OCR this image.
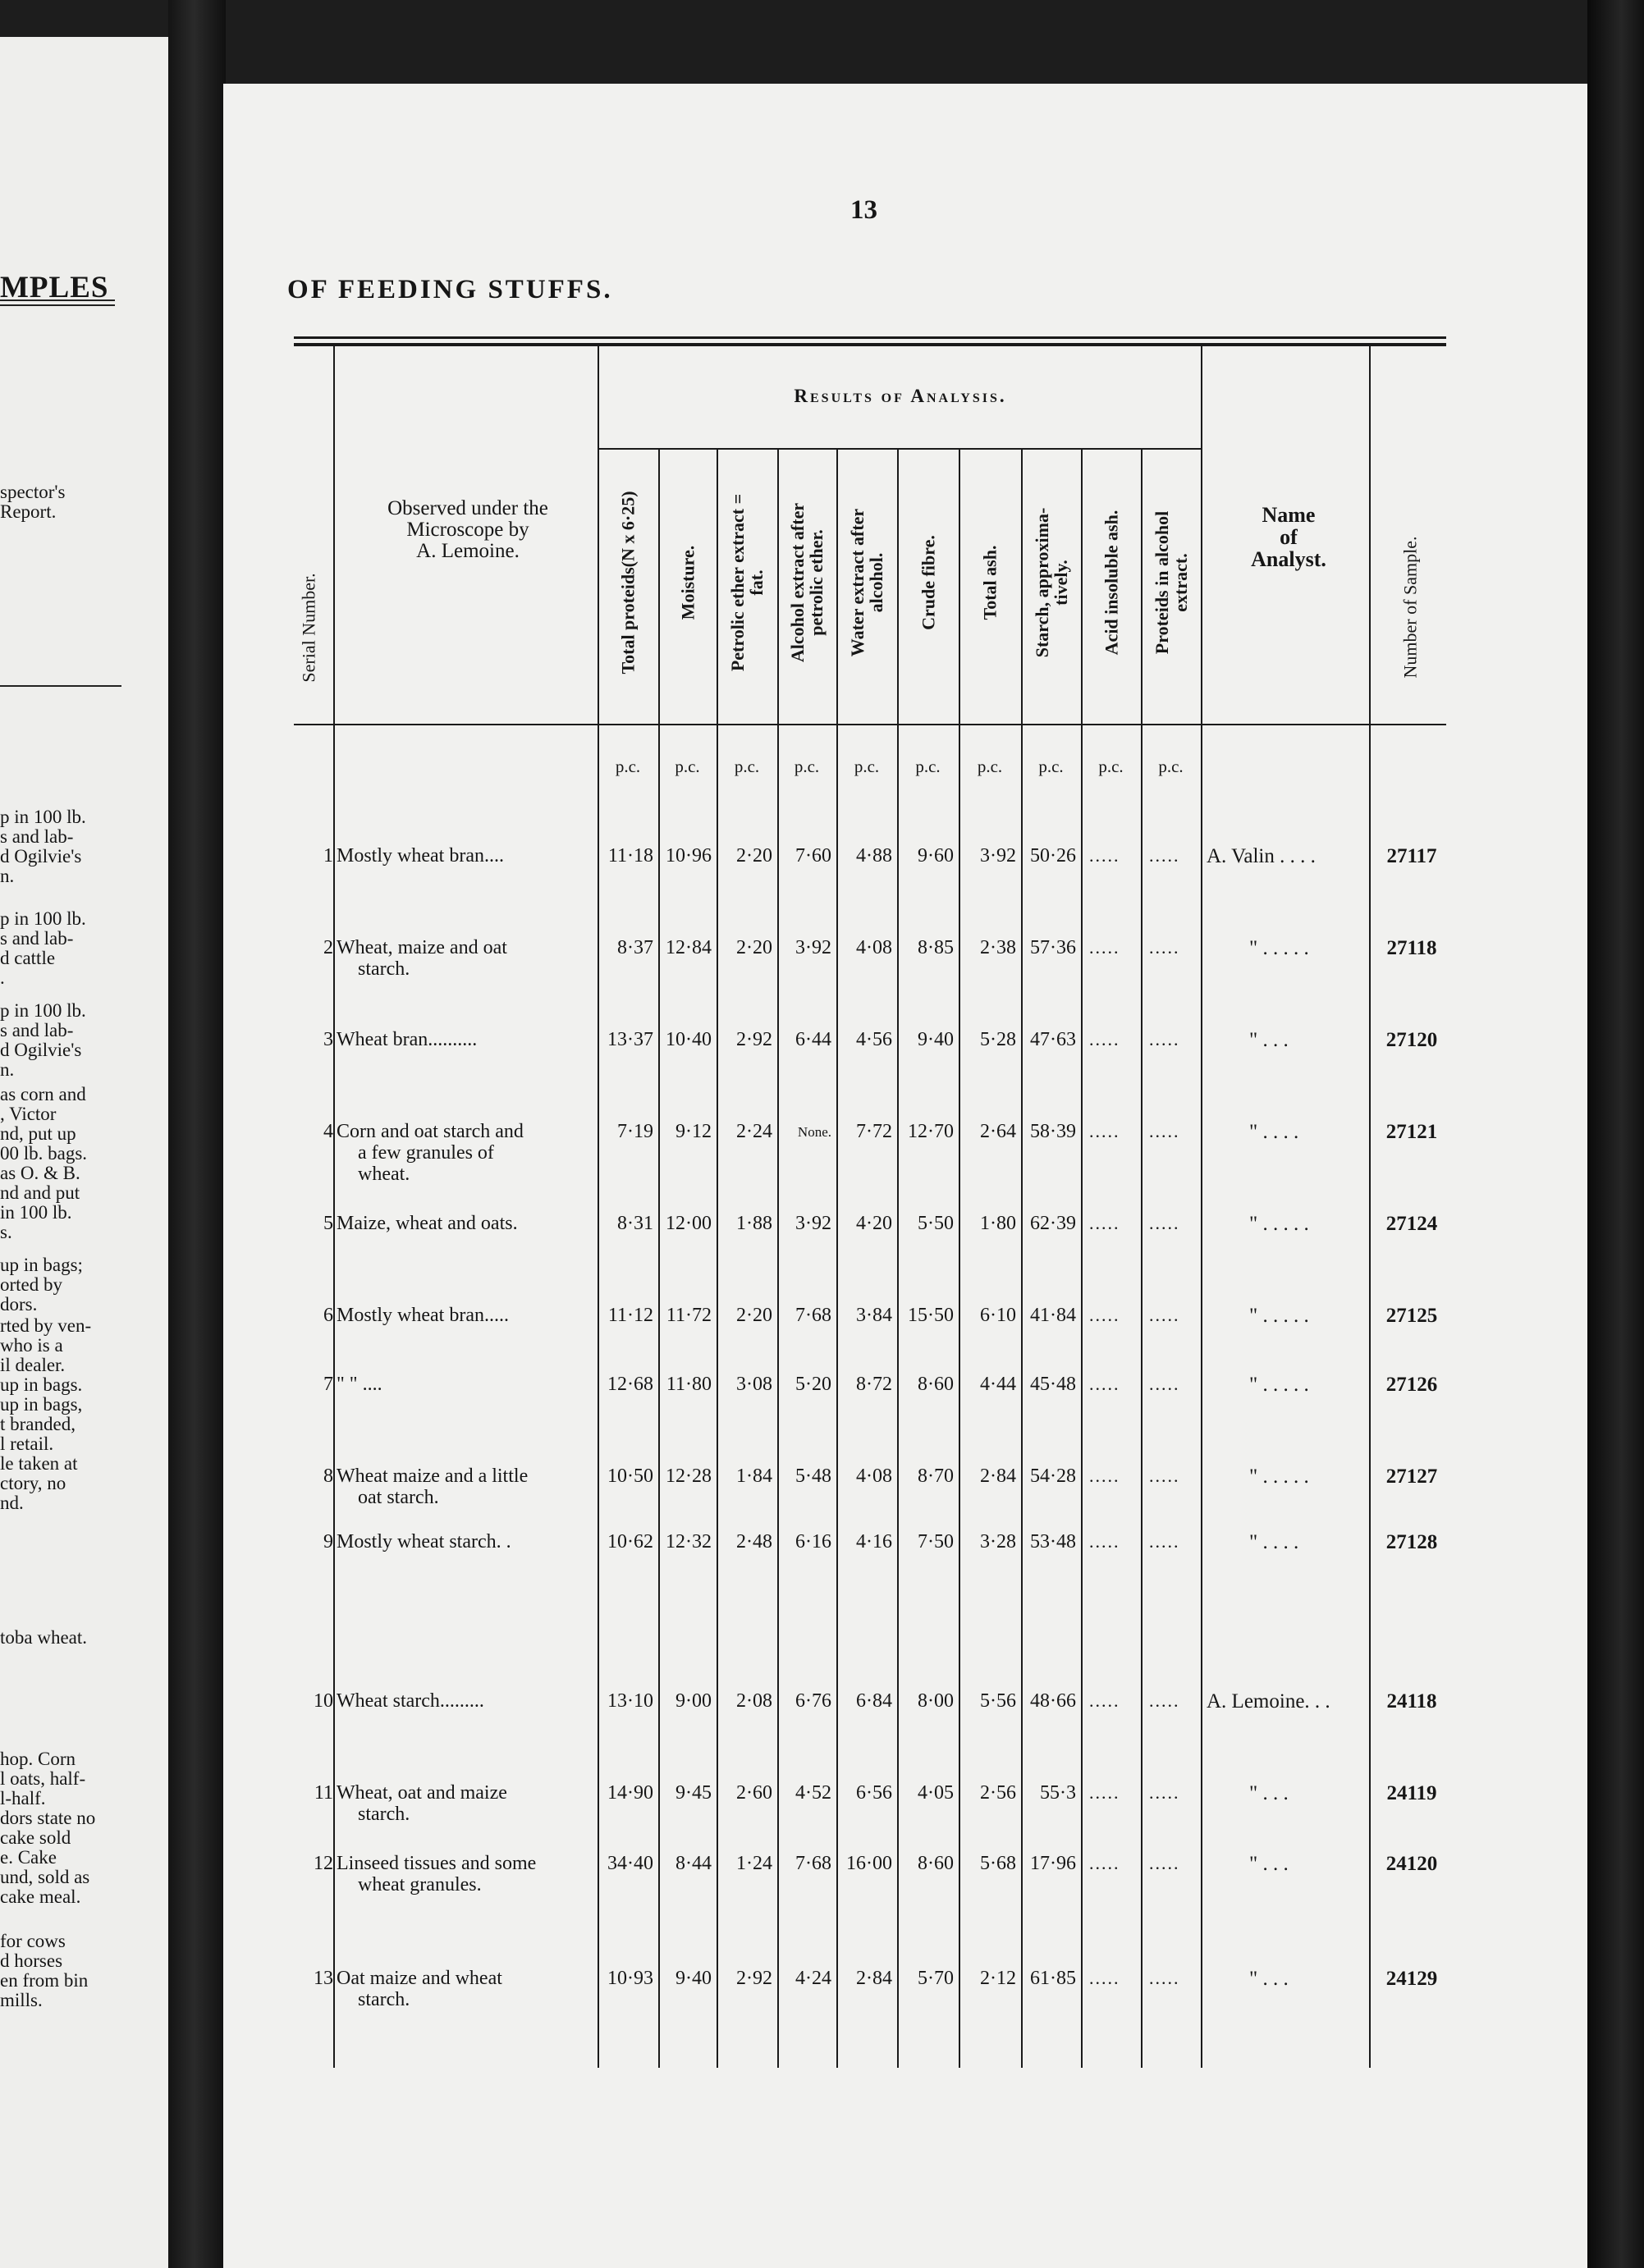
MPLES
spector's
Report.
p in 100 lb.
s and lab-
d Ogilvie's
n.
p in 100 lb.
s and lab-
d cattle
.
p in 100 lb.
s and lab-
d Ogilvie's
n.
as corn and
, Victor
nd, put up
00 lb. bags.
as O. & B.
nd and put
in 100 lb.
s.
up in bags;
orted by
dors.
rted by ven-
who is a
il dealer.
up in bags.
up in bags,
t branded,
l retail.
le taken at
ctory, no
nd.
toba wheat.
hop. Corn
l oats, half-
l-half.
dors state no
cake sold
e. Cake
und, sold as
cake meal.
for cows
d horses
en from bin
mills.
13
OF FEEDING STUFFS.
Serial Number.
Observed under the
Microscope by
A. Lemoine.
Results of Analysis.
Total proteids(N x 6·25) Moisture. Petrolic ether extract =
fat. Alcohol extract after
petrolic ether. Water extract after
alcohol. Crude fibre. Total ash. Starch, approxima-
tively. Acid insoluble ash. Proteids in alcohol
extract.
Name
of
Analyst.	Number of Sample.
p.c.	p.c.	p.c.	p.c.	p.c.	p.c.	p.c.	p.c.	p.c.	p.c.
1 Mostly wheat bran....	11·18 10·96	2·20	7·60	4·88	9·60	3·92 50·26 ..... ..... A. Valin . . . .	27117
2 Wheat, maize and oat
starch.
8·37 12·84	2·20	3·92	4·08	8·85	2·38 57·36 ..... .....	" . . . . .	27118
3 Wheat bran..........	13·37 10·40	2·92	6·44	4·56	9·40	5·28 47·63 ..... .....	" . . .	27120
4 Corn and oat starch and
a few granules of
wheat.
7·19	9·12	2·24	None.	7·72 12·70	2·64 58·39 ..... .....	" . . . .	27121
5 Maize, wheat and oats.	8·31 12·00	1·88	3·92	4·20	5·50	1·80 62·39 ..... .....	" . . . . .	27124
6 Mostly wheat bran.....	11·12 11·72	2·20	7·68	3·84 15·50	6·10 41·84 ..... .....	" . . . . .	27125
7 " " ....	12·68 11·80	3·08	5·20	8·72	8·60	4·44 45·48 ..... .....	" . . . . .	27126
8 Wheat maize and a little
oat starch.
10·50 12·28	1·84	5·48	4·08	8·70	2·84 54·28 ..... .....	" . . . . .	27127
9 Mostly wheat starch. .	10·62 12·32	2·48	6·16	4·16	7·50	3·28 53·48 ..... .....	" . . . .	27128
10 Wheat starch.........	13·10	9·00	2·08	6·76	6·84	8·00	5·56 48·66 ..... ..... A. Lemoine. . .	24118
11 Wheat, oat and maize
starch.
14·90	9·45	2·60	4·52	6·56	4·05	2·56	55·3 ..... .....	" . . .	24119
12 Linseed tissues and some
wheat granules.
34·40	8·44	1·24	7·68 16·00	8·60	5·68 17·96 ..... .....	" . . .	24120
13 Oat maize and wheat
starch.
10·93	9·40	2·92	4·24	2·84	5·70	2·12 61·85 ..... .....	" . . .	24129
